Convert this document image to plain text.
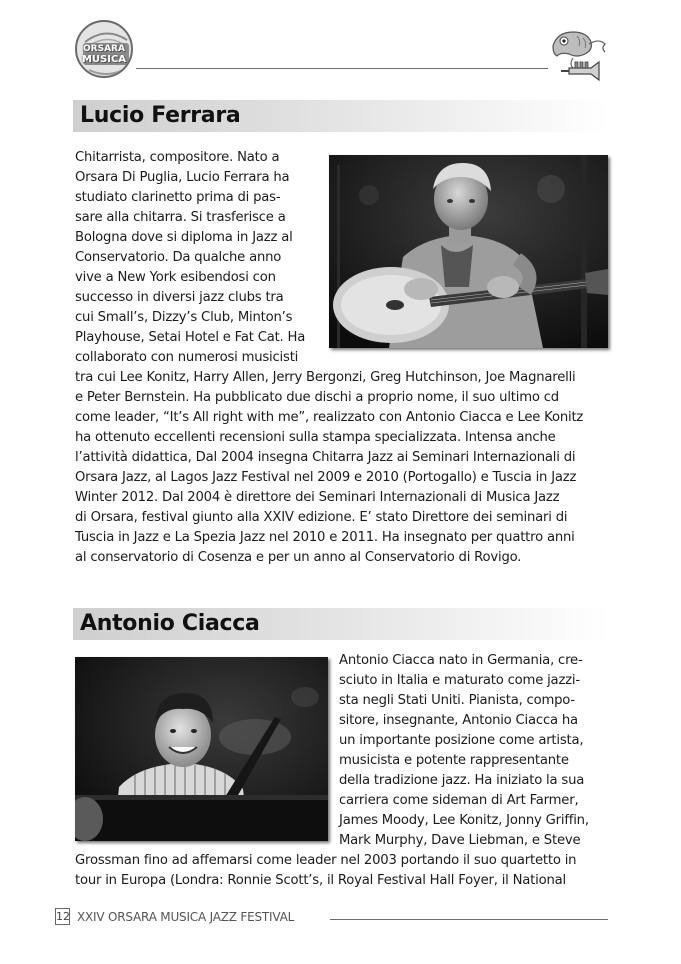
ORSARA
MUSICA
Lucio Ferrara
Chitarrista, compositore. Nato a
Orsara Di Puglia, Lucio Ferrara ha
studiato clarinetto prima di pas-
sare alla chitarra. Si trasferisce a
Bologna dove si diploma in Jazz al
Conservatorio. Da qualche anno
vive a New York esibendosi con
successo in diversi jazz clubs tra
cui Small’s, Dizzy’s Club, Minton’s
Playhouse, Setai Hotel e Fat Cat. Ha
collaborato con numerosi musicisti
tra cui Lee Konitz, Harry Allen, Jerry Bergonzi, Greg Hutchinson, Joe Magnarelli
e Peter Bernstein. Ha pubblicato due dischi a proprio nome, il suo ultimo cd
come leader, “It’s All right with me”, realizzato con Antonio Ciacca e Lee Konitz
ha ottenuto eccellenti recensioni sulla stampa specializzata. Intensa anche
l’attività didattica, Dal 2004 insegna Chitarra Jazz ai Seminari Internazionali di
Orsara Jazz, al Lagos Jazz Festival nel 2009 e 2010 (Portogallo) e Tuscia in Jazz
Winter 2012. Dal 2004 è direttore dei Seminari Internazionali di Musica Jazz
di Orsara, festival giunto alla XXIV edizione. E’ stato Direttore dei seminari di
Tuscia in Jazz e La Spezia Jazz nel 2010 e 2011. Ha insegnato per quattro anni
al conservatorio di Cosenza e per un anno al Conservatorio di Rovigo.
Antonio Ciacca
Antonio Ciacca nato in Germania, cre-
sciuto in Italia e maturato come jazzi-
sta negli Stati Uniti. Pianista, compo-
sitore, insegnante, Antonio Ciacca ha
un importante posizione come artista,
musicista e potente rappresentante
della tradizione jazz. Ha iniziato la sua
carriera come sideman di Art Farmer,
James Moody, Lee Konitz, Jonny Griffin,
Mark Murphy, Dave Liebman, e Steve
Grossman fino ad affemarsi come leader nel 2003 portando il suo quartetto in
tour in Europa (Londra: Ronnie Scott’s, il Royal Festival Hall Foyer, il National
12 XXIV ORSARA MUSICA JAZZ FESTIVAL
